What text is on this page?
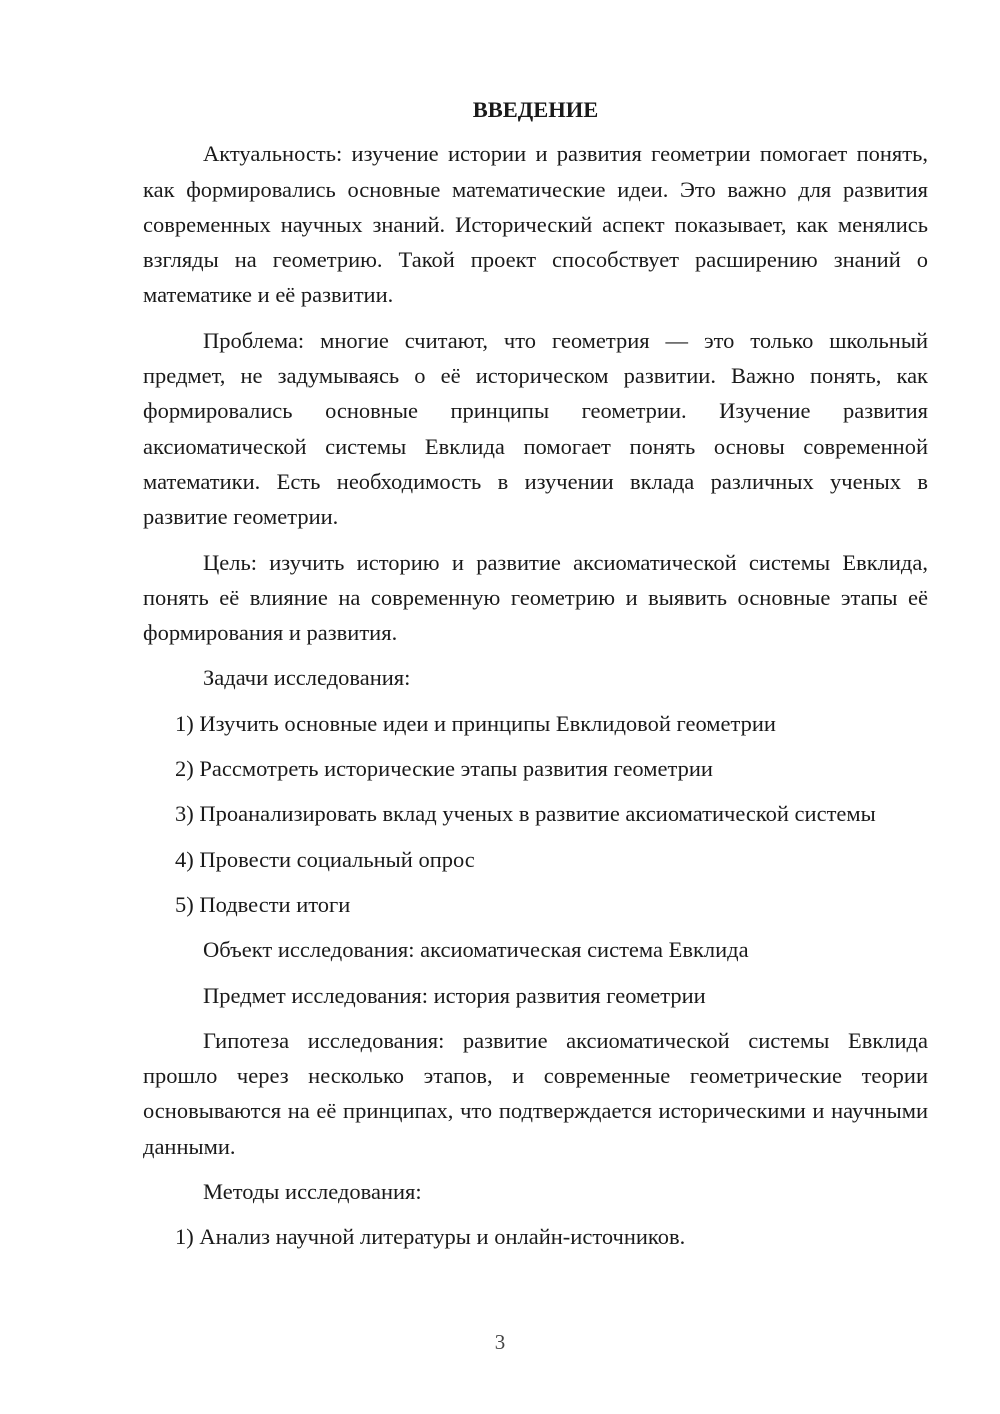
ВВЕДЕНИЕ

Актуальность: изучение истории и развития геометрии помогает понять, как формировались основные математические идеи. Это важно для развития современных научных знаний. Исторический аспект показывает, как менялись взгляды на геометрию. Такой проект способствует расширению знаний о математике и её развитии.

Проблема: многие считают, что геометрия — это только школьный предмет, не задумываясь о её историческом развитии. Важно понять, как формировались основные принципы геометрии. Изучение развития аксиоматической системы Евклида помогает понять основы современной математики. Есть необходимость в изучении вклада различных ученых в развитие геометрии.

Цель: изучить историю и развитие аксиоматической системы Евклида, понять её влияние на современную геометрию и выявить основные этапы её формирования и развития.

Задачи исследования:

1) Изучить основные идеи и принципы Евклидовой геометрии

2) Рассмотреть исторические этапы развития геометрии

3) Проанализировать вклад ученых в развитие аксиоматической системы

4) Провести социальный опрос

5) Подвести итоги

Объект исследования: аксиоматическая система Евклида

Предмет исследования: история развития геометрии

Гипотеза исследования: развитие аксиоматической системы Евклида прошло через несколько этапов, и современные геометрические теории основываются на её принципах, что подтверждается историческими и научными данными.

Методы исследования:

1) Анализ научной литературы и онлайн-источников.

3
